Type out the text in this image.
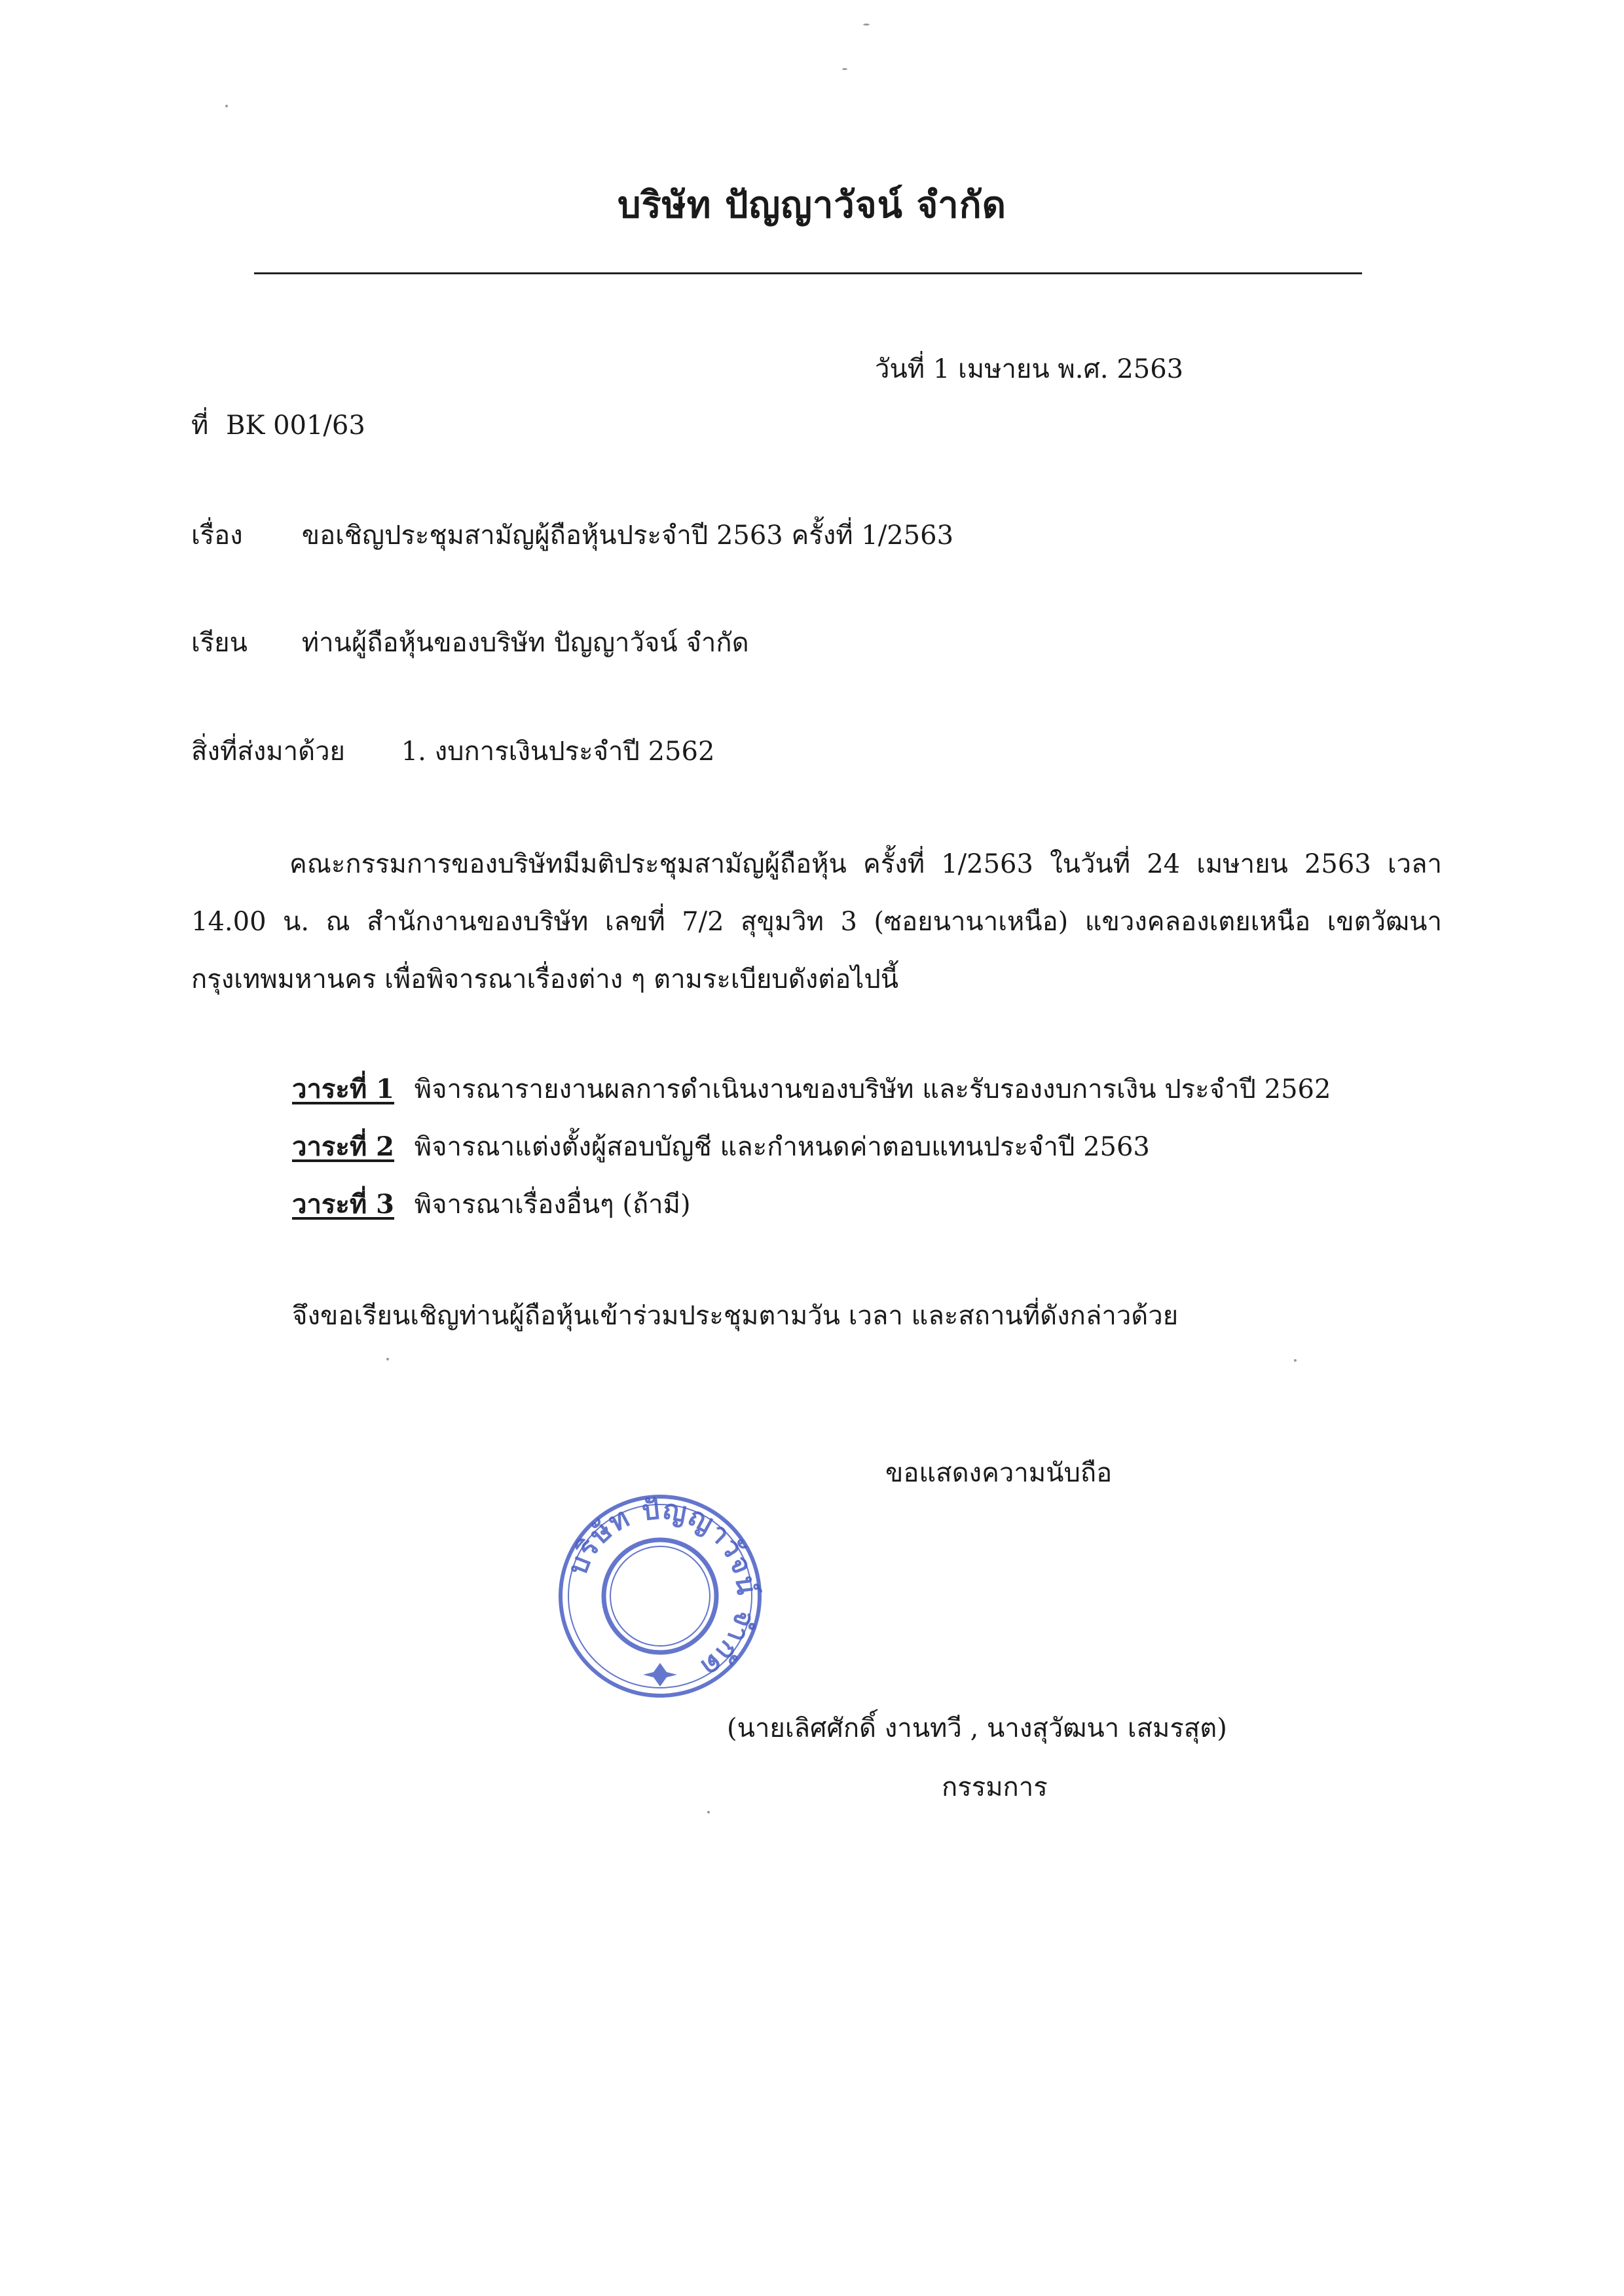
บริษัท ปัญญาวัจน์ จำกัด
วันที่ 1 เมษายน พ.ศ. 2563
ที่ BK 001/63
เรื่อง ขอเชิญประชุมสามัญผู้ถือหุ้นประจำปี 2563 ครั้งที่ 1/2563
เรียน ท่านผู้ถือหุ้นของบริษัท ปัญญาวัจน์ จำกัด
สิ่งที่ส่งมาด้วย 1. งบการเงินประจำปี 2562
คณะกรรมการของบริษัทมีมติประชุมสามัญผู้ถือหุ้น ครั้งที่ 1/2563 ในวันที่ 24 เมษายน 2563 เวลา
14.00 น. ณ สำนักงานของบริษัท เลขที่ 7/2 สุขุมวิท 3 (ซอยนานาเหนือ) แขวงคลองเตยเหนือ เขตวัฒนา
กรุงเทพมหานคร เพื่อพิจารณาเรื่องต่าง ๆ ตามระเบียบดังต่อไปนี้
วาระที่ 1 พิจารณารายงานผลการดำเนินงานของบริษัท และรับรองงบการเงิน ประจำปี 2562
วาระที่ 2 พิจารณาแต่งตั้งผู้สอบบัญชี และกำหนดค่าตอบแทนประจำปี 2563
วาระที่ 3 พิจารณาเรื่องอื่นๆ (ถ้ามี)
จึงขอเรียนเชิญท่านผู้ถือหุ้นเข้าร่วมประชุมตามวัน เวลา และสถานที่ดังกล่าวด้วย
ขอแสดงความนับถือ
บริษัท ปัญญาวัจน์ จำกัด
(นายเลิศศักดิ์ งานทวี , นางสุวัฒนา เสมรสุต)
กรรมการ
